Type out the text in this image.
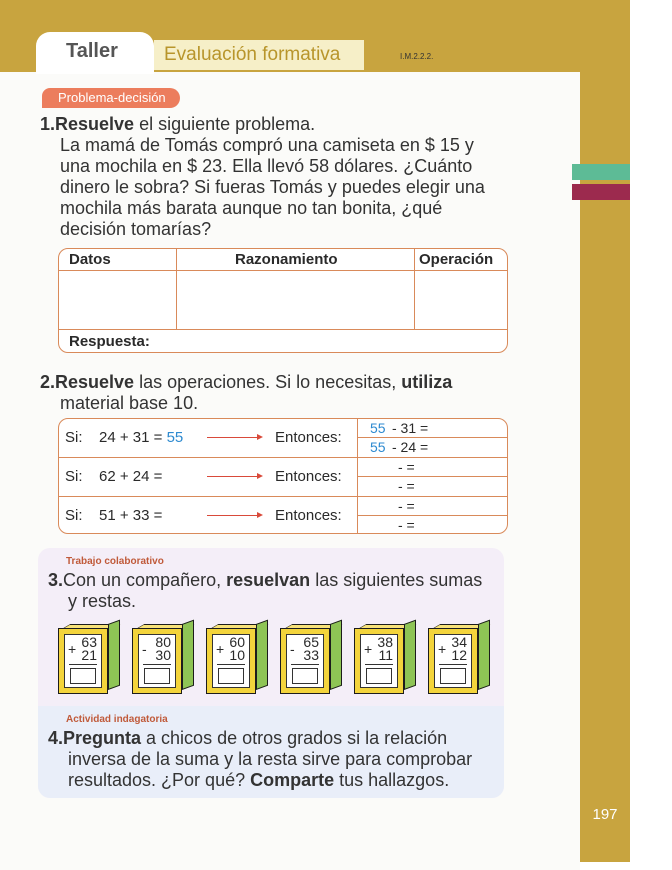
Taller	Evaluación formativa	I.M.2.2.2.
Problema-decisión
1.Resuelve el siguiente problema.
La mamá de Tomás compró una camiseta en $ 15 y
una mochila en $ 23. Ella llevó 58 dólares. ¿Cuánto
dinero le sobra? Si fueras Tomás y puedes elegir una
mochila más barata aunque no tan bonita, ¿qué
decisión tomarías?
Datos	Razonamiento	Operación
Respuesta:
2.Resuelve las operaciones. Si lo necesitas, utiliza
material base 10.
Si: 24 + 31 = 55	Entonces:
55 - 31 =
55 - 24 =
Si: 62 + 24 =	Entonces:
- =
- =
Si: 51 + 33 =	Entonces:
- =
- =
Trabajo colaborativo
3.Con un compañero, resuelvan las siguientes sumas
y restas.
63
21
+	80
30
-	60
10
+	65
33
-	38
11
+	34
12
+
Actividad indagatoria
4.Pregunta a chicos de otros grados si la relación
inversa de la suma y la resta sirve para comprobar
resultados. ¿Por qué? Comparte tus hallazgos.
197
